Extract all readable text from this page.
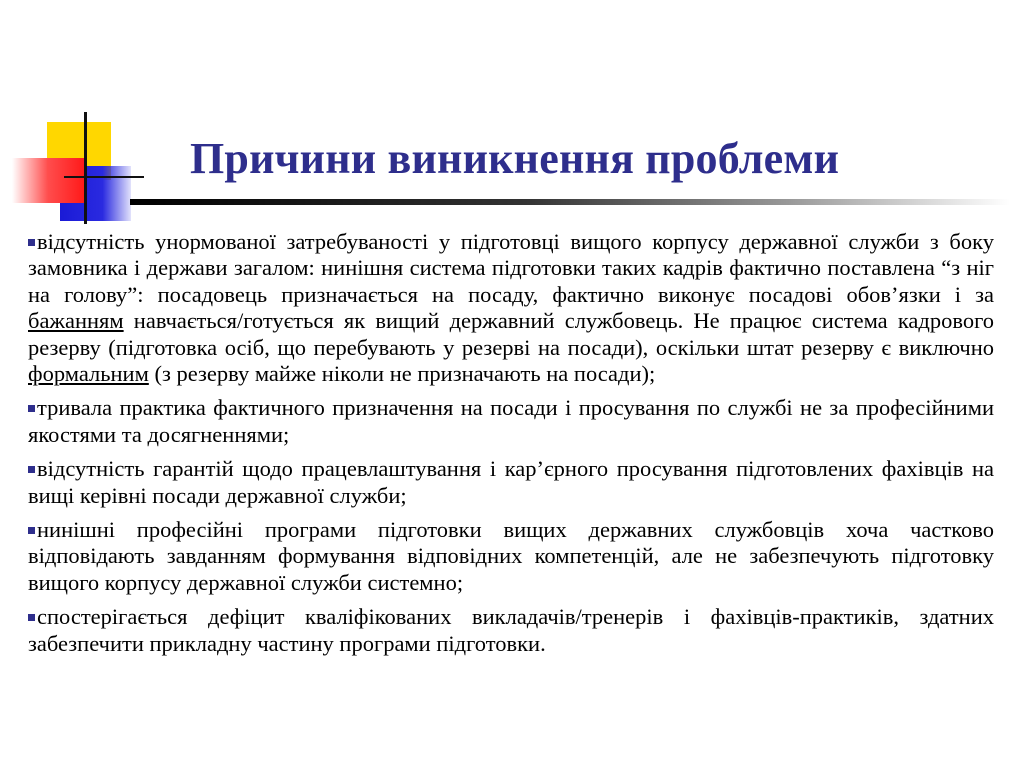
Причини виникнення проблеми

відсутність унормованої затребуваності у підготовці вищого корпусу державної служби з боку замовника і держави загалом: нинішня система підготовки таких кадрів фактично поставлена “з ніг на голову”: посадовець призначається на посаду, фактично виконує посадові обов’язки і за бажанням навчається/готується як вищий державний службовець. Не працює система кадрового резерву (підготовка осіб, що перебувають у резерві на посади), оскільки штат резерву є виключно формальним (з резерву майже ніколи не призначають на посади);

тривала практика фактичного призначення на посади і просування по службі не за професійними якостями та досягненнями;

відсутність гарантій щодо працевлаштування і кар’єрного просування підготовлених фахівців на вищі керівні посади державної служби;

нинішні професійні програми підготовки вищих державних службовців хоча частково відповідають завданням формування відповідних компетенцій, але не забезпечують підготовку вищого корпусу державної служби системно;

спостерігається дефіцит кваліфікованих викладачів/тренерів і фахівців-практиків, здатних забезпечити прикладну частину програми підготовки.
